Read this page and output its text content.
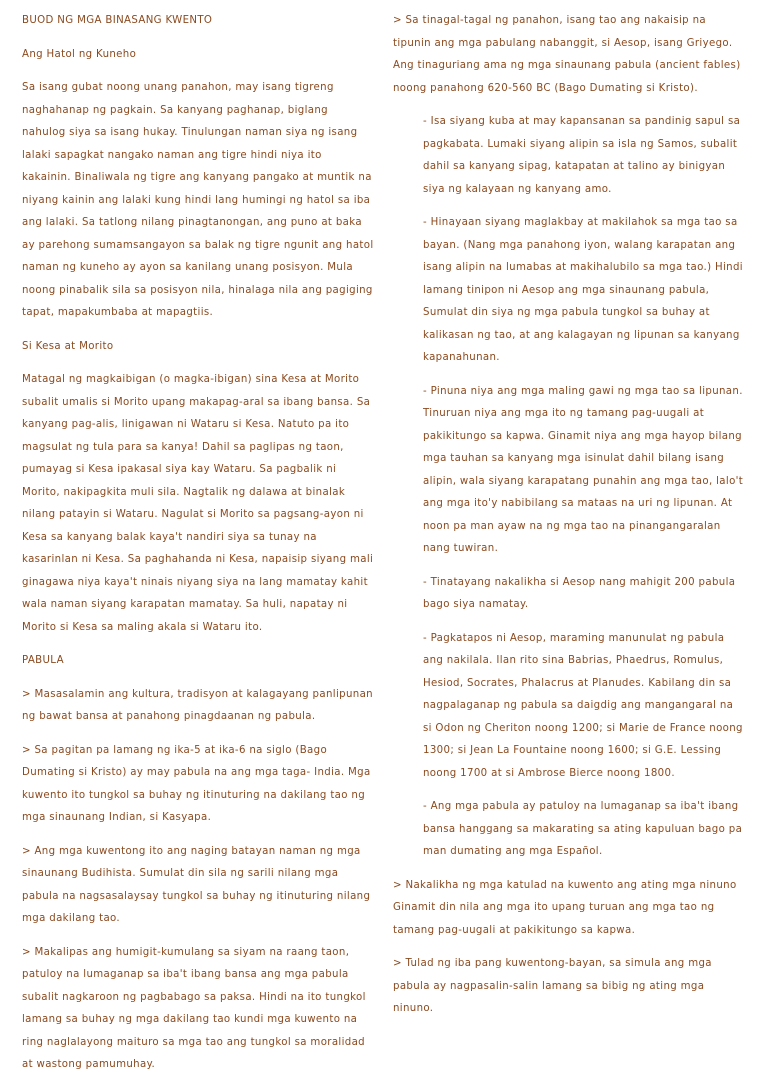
BUOD NG MGA BINASANG KWENTO

Ang Hatol ng Kuneho

Sa isang gubat noong unang panahon, may isang tigreng naghahanap ng pagkain. Sa kanyang paghanap, biglang nahulog siya sa isang hukay. Tinulungan naman siya ng isang lalaki sapagkat nangako naman ang tigre hindi niya ito kakainin. Binaliwala ng tigre ang kanyang pangako at muntik na niyang kainin ang lalaki kung hindi lang humingi ng hatol sa iba ang lalaki. Sa tatlong nilang pinagtanongan, ang puno at baka ay parehong sumamsangayon sa balak ng tigre ngunit ang hatol naman ng kuneho ay ayon sa kanilang unang posisyon. Mula noong pinabalik sila sa posisyon nila, hinalaga nila ang pagiging tapat, mapakumbaba at mapagtiis.

Si Kesa at Morito

Matagal ng magkaibigan (o magka-ibigan) sina Kesa at Morito subalit umalis si Morito upang makapag-aral sa ibang bansa. Sa kanyang pag-alis, linigawan ni Wataru si Kesa. Natuto pa ito magsulat ng tula para sa kanya! Dahil sa paglipas ng taon, pumayag si Kesa ipakasal siya kay Wataru. Sa pagbalik ni Morito, nakipagkita muli sila. Nagtalik ng dalawa at binalak nilang patayin si Wataru. Nagulat si Morito sa pagsang-ayon ni Kesa sa kanyang balak kaya't nandiri siya sa tunay na kasarinlan ni Kesa. Sa paghahanda ni Kesa, napaisip siyang mali ginagawa niya kaya't ninais niyang siya na lang mamatay kahit wala naman siyang karapatan mamatay. Sa huli, napatay ni Morito si Kesa sa maling akala si Wataru ito.

PABULA

> Masasalamin ang kultura, tradisyon at kalagayang panlipunan ng bawat bansa at panahong pinagdaanan ng pabula.

> Sa pagitan pa lamang ng ika-5 at ika-6 na siglo (Bago Dumating si Kristo) ay may pabula na ang mga taga- India. Mga kuwento ito tungkol sa buhay ng itinuturing na dakilang tao ng mga sinaunang Indian, si Kasyapa.

> Ang mga kuwentong ito ang naging batayan naman ng mga sinaunang Budihista. Sumulat din sila ng sarili nilang mga pabula na nagsasalaysay tungkol sa buhay ng itinuturing nilang mga dakilang tao.

> Makalipas ang humigit-kumulang sa siyam na raang taon, patuloy na lumaganap sa iba't ibang bansa ang mga pabula subalit nagkaroon ng pagbabago sa paksa. Hindi na ito tungkol lamang sa buhay ng mga dakilang tao kundi mga kuwento na ring naglalayong maituro sa mga tao ang tungkol sa moralidad at wastong pamumuhay.

> Sa tinagal-tagal ng panahon, isang tao ang nakaisip na tipunin ang mga pabulang nabanggit, si Aesop, isang Griyego. Ang tinaguriang ama ng mga sinaunang pabula (ancient fables) noong panahong 620-560 BC (Bago Dumating si Kristo).

- Isa siyang kuba at may kapansanan sa pandinig sapul sa pagkabata. Lumaki siyang alipin sa isla ng Samos, subalit dahil sa kanyang sipag, katapatan at talino ay binigyan siya ng kalayaan ng kanyang amo.

- Hinayaan siyang maglakbay at makilahok sa mga tao sa bayan. (Nang mga panahong iyon, walang karapatan ang isang alipin na lumabas at makihalubilo sa mga tao.) Hindi lamang tinipon ni Aesop ang mga sinaunang pabula, Sumulat din siya ng mga pabula tungkol sa buhay at kalikasan ng tao, at ang kalagayan ng lipunan sa kanyang kapanahunan.

- Pinuna niya ang mga maling gawi ng mga tao sa lipunan. Tinuruan niya ang mga ito ng tamang pag-uugali at pakikitungo sa kapwa. Ginamit niya ang mga hayop bilang mga tauhan sa kanyang mga isinulat dahil bilang isang alipin, wala siyang karapatang punahin ang mga tao, lalo't ang mga ito'y nabibilang sa mataas na uri ng lipunan. At noon pa man ayaw na ng mga tao na pinangangaralan nang tuwiran.

- Tinatayang nakalikha si Aesop nang mahigit 200 pabula bago siya namatay.

- Pagkatapos ni Aesop, maraming manunulat ng pabula ang nakilala. Ilan rito sina Babrias, Phaedrus, Romulus, Hesiod, Socrates, Phalacrus at Planudes. Kabilang din sa nagpalaganap ng pabula sa daigdig ang mangangaral na si Odon ng Cheriton noong 1200; si Marie de France noong 1300; si Jean La Fountaine noong 1600; si G.E. Lessing noong 1700 at si Ambrose Bierce noong 1800.

- Ang mga pabula ay patuloy na lumaganap sa iba't ibang bansa hanggang sa makarating sa ating kapuluan bago pa man dumating ang mga Español.

> Nakalikha ng mga katulad na kuwento ang ating mga ninuno Ginamit din nila ang mga ito upang turuan ang mga tao ng tamang pag-uugali at pakikitungo sa kapwa.

> Tulad ng iba pang kuwentong-bayan, sa simula ang mga pabula ay nagpasalin-salin lamang sa bibig ng ating mga ninuno.
